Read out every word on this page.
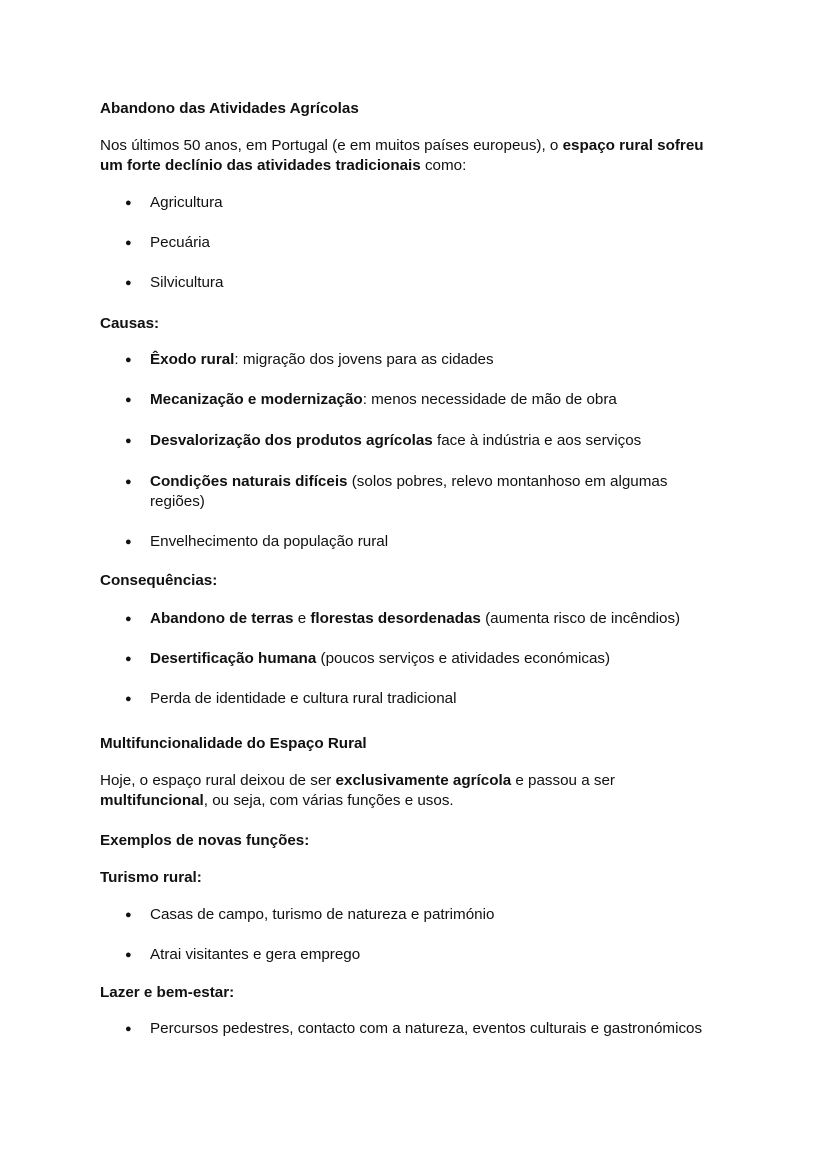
Abandono das Atividades Agrícolas
Nos últimos 50 anos, em Portugal (e em muitos países europeus), o espaço rural sofreu
um forte declínio das atividades tradicionais como:
● Agricultura
● Pecuária
● Silvicultura
Causas:
● Êxodo rural: migração dos jovens para as cidades
● Mecanização e modernização: menos necessidade de mão de obra
● Desvalorização dos produtos agrícolas face à indústria e aos serviços
● Condições naturais difíceis (solos pobres, relevo montanhoso em algumas
regiões)
● Envelhecimento da população rural
Consequências:
● Abandono de terras e florestas desordenadas (aumenta risco de incêndios)
● Desertificação humana (poucos serviços e atividades económicas)
● Perda de identidade e cultura rural tradicional
Multifuncionalidade do Espaço Rural
Hoje, o espaço rural deixou de ser exclusivamente agrícola e passou a ser
multifuncional, ou seja, com várias funções e usos.
Exemplos de novas funções:
Turismo rural:
● Casas de campo, turismo de natureza e património
● Atrai visitantes e gera emprego
Lazer e bem-estar:
● Percursos pedestres, contacto com a natureza, eventos culturais e gastronómicos
